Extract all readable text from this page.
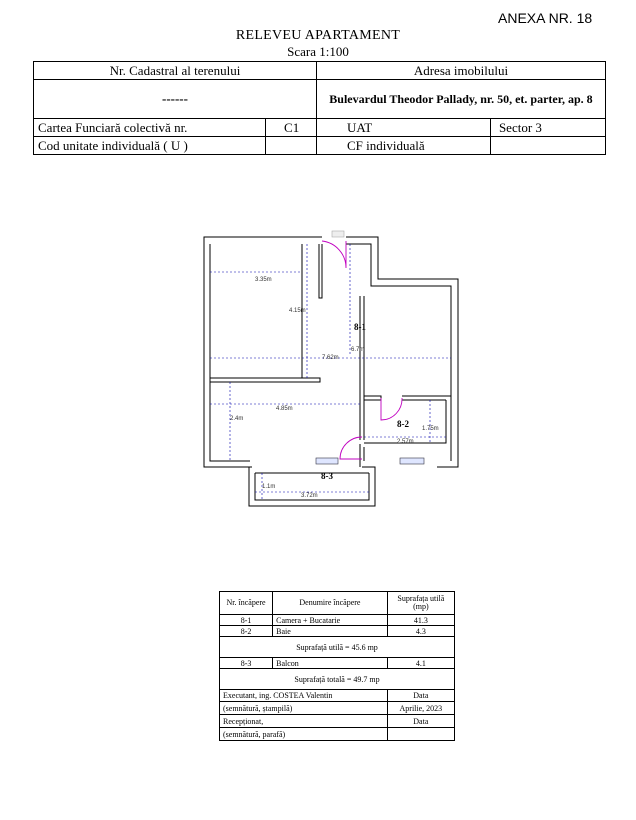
ANEXA NR. 18
RELEVEU APARTAMENT
Scara 1:100
Nr. Cadastral al terenului		Adresa imobilului	
------		Bulevardul Theodor Pallady, nr. 50, et. parter, ap. 8	
Cartea Funciară colectivă nr.	C1	UAT	Sector 3
Cod unitate individuală ( U )		CF individuală	
3.35m
4.15m
6.7m
7.62m
2.4m
4.85m
1.75m
2.57m
1.1m
3.72m
8-1
8-2
8-3
Nr. încăpere	Denumire încăpere	Suprafața utilă (mp)
8-1	Camera + Bucatarie	41.3
8-2	Baie	4.3
Suprafață utilă = 45.6 mp		
8-3	Balcon	4.1
Suprafață totală = 49.7 mp		
Executant, ing. COSTEA Valentin		Data
(semnătură, ștampilă)		Aprilie, 2023
Recepționat,		Data
(semnătură, parafă)		
